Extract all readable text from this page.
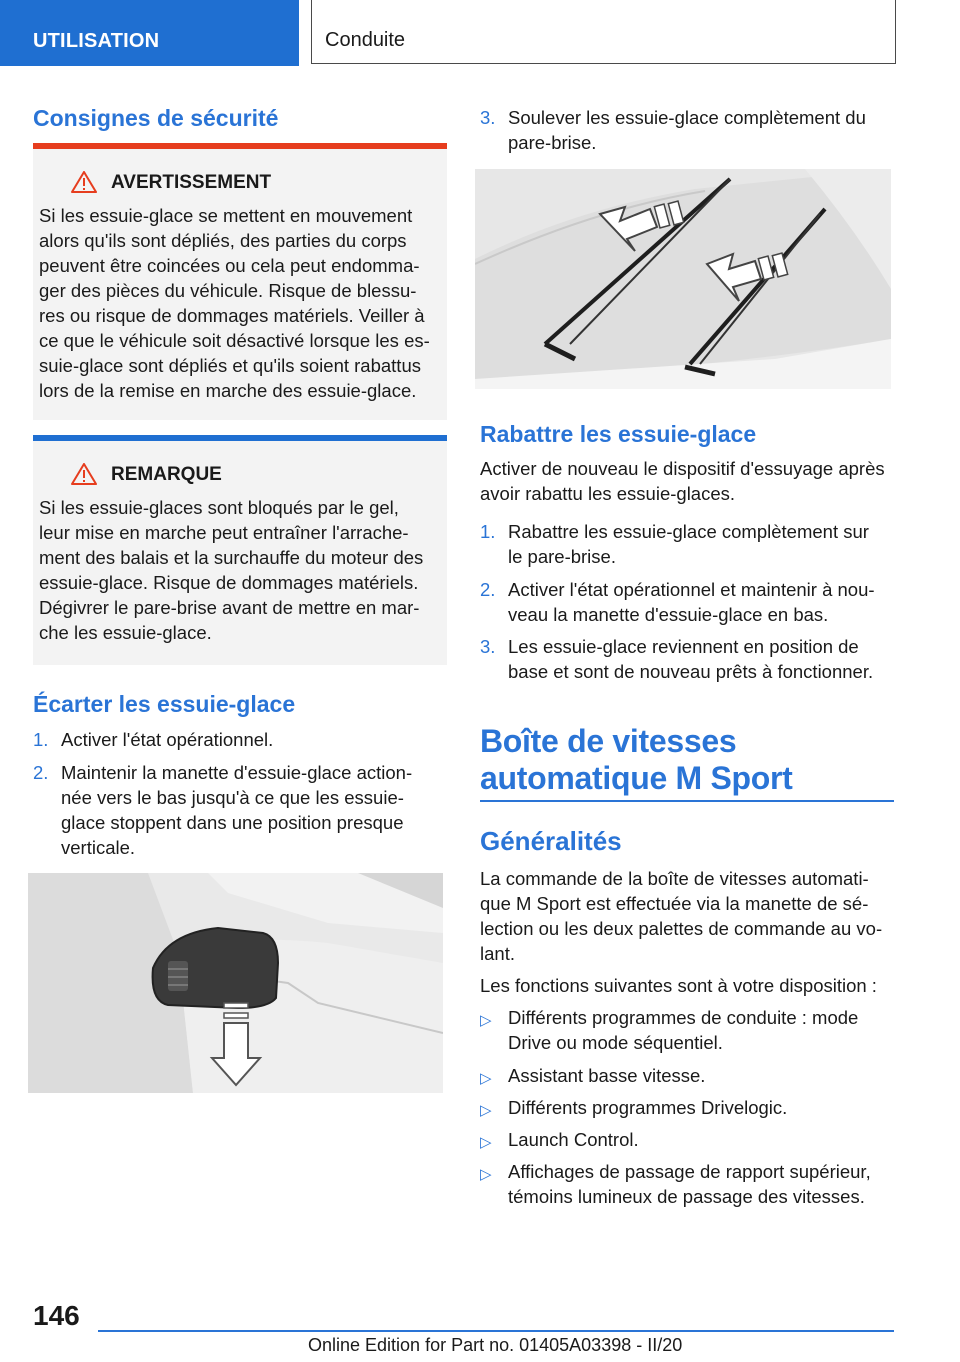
UTILISATION	Conduite
Consignes de sécurité
AVERTISSEMENT
Si les essuie-glace se mettent en mouvement
alors qu'ils sont dépliés, des parties du corps
peuvent être coincées ou cela peut endomma-
ger des pièces du véhicule. Risque de blessu-
res ou risque de dommages matériels. Veiller à
ce que le véhicule soit désactivé lorsque les es-
suie-glace sont dépliés et qu'ils soient rabattus
lors de la remise en marche des essuie-glace.
REMARQUE
Si les essuie-glaces sont bloqués par le gel,
leur mise en marche peut entraîner l'arrache-
ment des balais et la surchauffe du moteur des
essuie-glace. Risque de dommages matériels.
Dégivrer le pare-brise avant de mettre en mar-
che les essuie-glace.
Écarter les essuie-glace
1. Activer l'état opérationnel.
2. Maintenir la manette d'essuie-glace action-
née vers le bas jusqu'à ce que les essuie-
glace stoppent dans une position presque
verticale.
3. Soulever les essuie-glace complètement du
pare-brise.
Rabattre les essuie-glace
Activer de nouveau le dispositif d'essuyage après
avoir rabattu les essuie-glaces.
1. Rabattre les essuie-glace complètement sur
le pare-brise.
2. Activer l'état opérationnel et maintenir à nou-
veau la manette d'essuie-glace en bas.
3. Les essuie-glace reviennent en position de
base et sont de nouveau prêts à fonctionner.
Boîte de vitesses
automatique M Sport
Généralités
La commande de la boîte de vitesses automati-
que M Sport est effectuée via la manette de sé-
lection ou les deux palettes de commande au vo-
lant.
Les fonctions suivantes sont à votre disposition :
▷ Différents programmes de conduite : mode
Drive ou mode séquentiel.
▷ Assistant basse vitesse.
▷ Différents programmes Drivelogic.
▷ Launch Control.
▷ Affichages de passage de rapport supérieur,
témoins lumineux de passage des vitesses.
146
Online Edition for Part no. 01405A03398 - II/20
